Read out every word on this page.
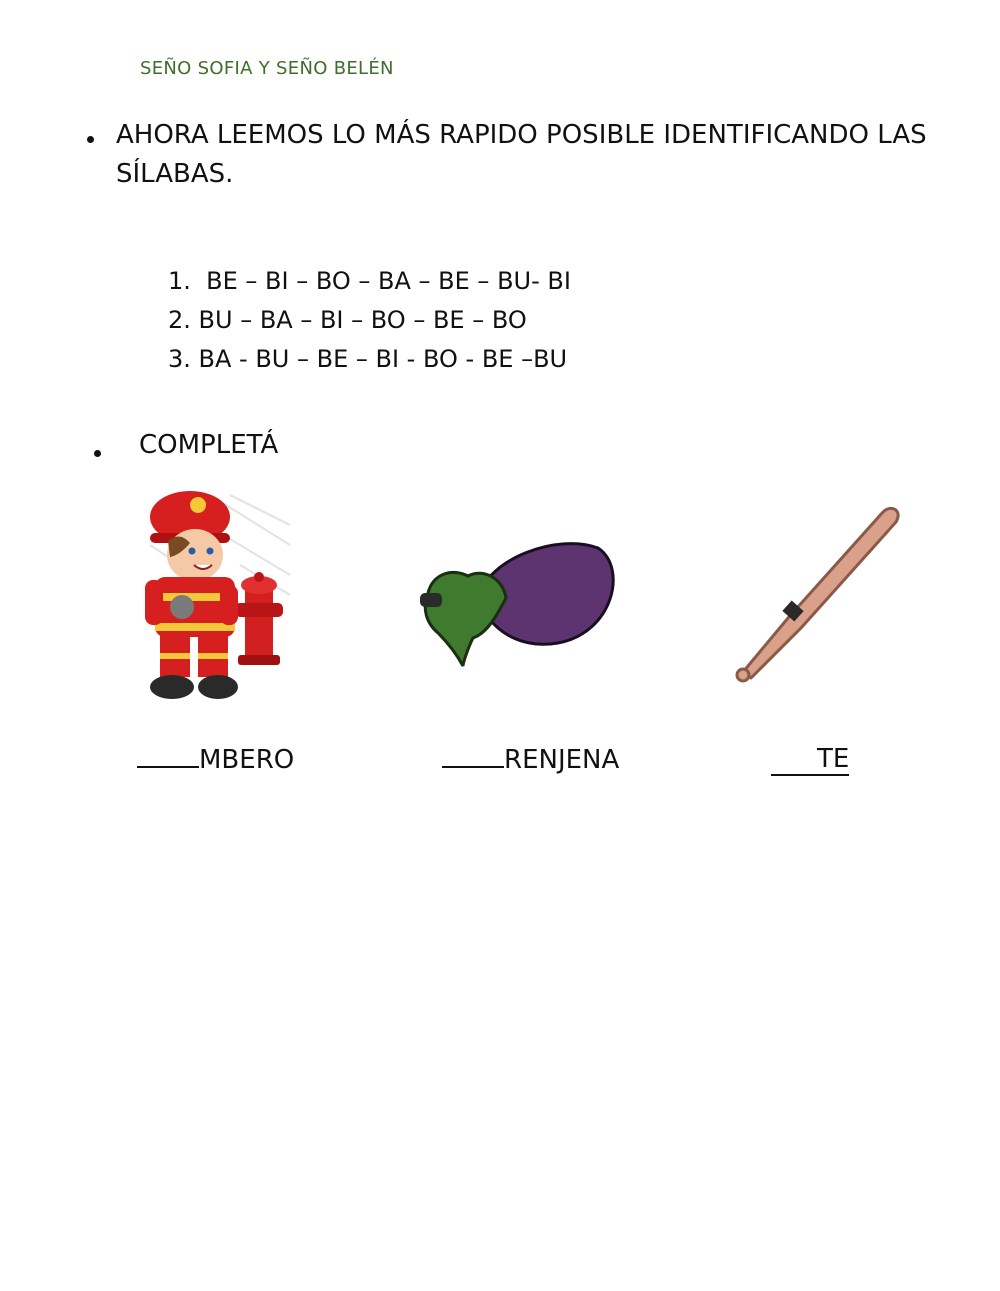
SEÑO SOFIA Y SEÑO BELÉN
AHORA LEEMOS LO MÁS RAPIDO POSIBLE IDENTIFICANDO LAS SÍLABAS.
1.  BE – BI – BO – BA – BE – BU- BI
2. BU – BA – BI – BO – BE – BO
3. BA - BU – BE – BI - BO - BE –BU
COMPLETÁ
MBERO	RENJENA	TE
